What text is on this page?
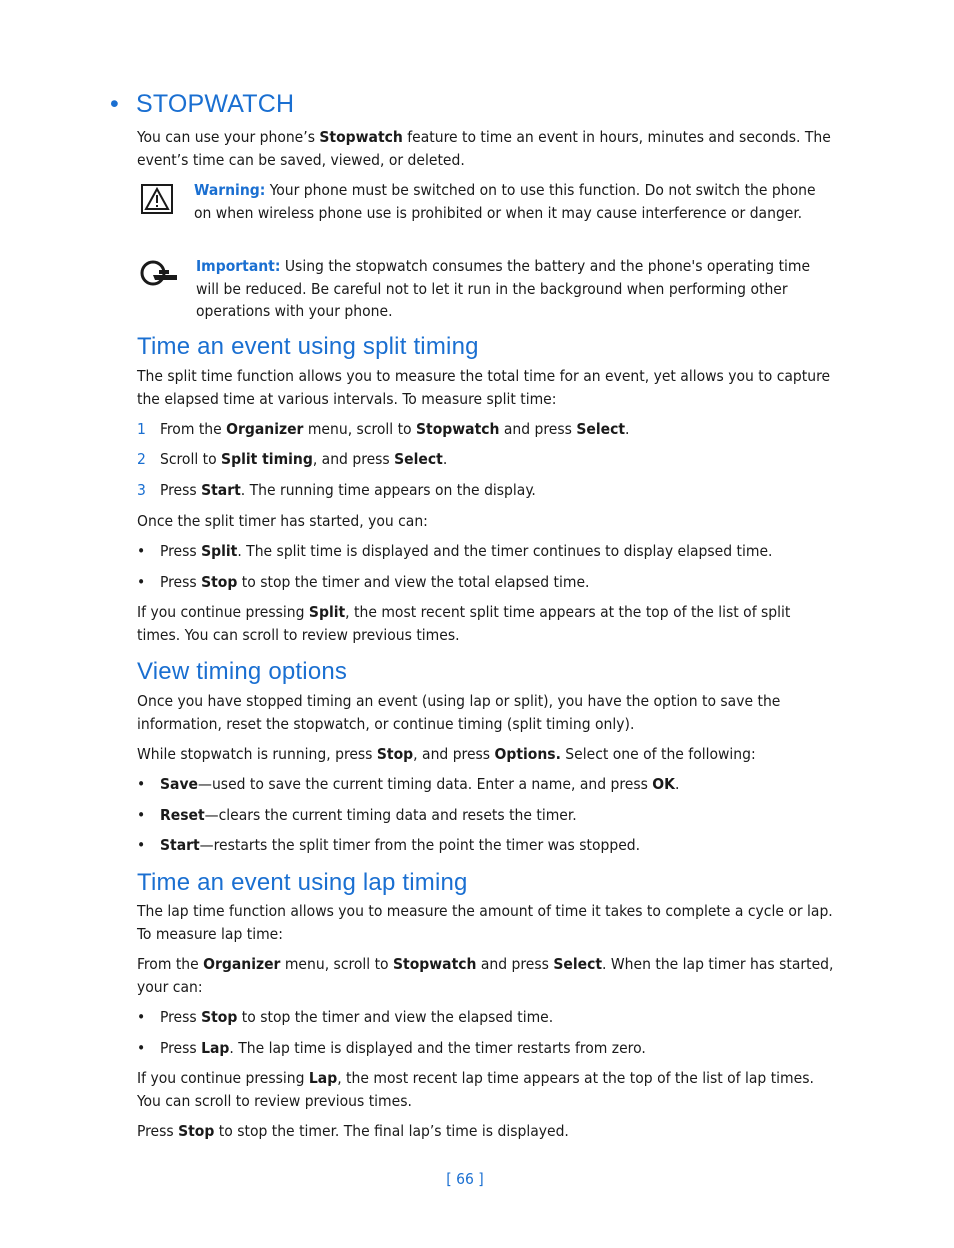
• STOPWATCH

You can use your phone’s Stopwatch feature to time an event in hours, minutes and seconds. The event’s time can be saved, viewed, or deleted.

Warning: Your phone must be switched on to use this function. Do not switch the phone on when wireless phone use is prohibited or when it may cause interference or danger.
Important: Using the stopwatch consumes the battery and the phone's operating time will be reduced. Be careful not to let it run in the background when performing other operations with your phone.
Time an event using split timing

The split time function allows you to measure the total time for an event, yet allows you to capture the elapsed time at various intervals. To measure split time:

1 From the Organizer menu, scroll to Stopwatch and press Select.
2 Scroll to Split timing, and press Select.
3 Press Start. The running time appears on the display.

Once the split timer has started, you can:

• Press Split. The split time is displayed and the timer continues to display elapsed time.
• Press Stop to stop the timer and view the total elapsed time.

If you continue pressing Split, the most recent split time appears at the top of the list of split times. You can scroll to review previous times.

View timing options

Once you have stopped timing an event (using lap or split), you have the option to save the information, reset the stopwatch, or continue timing (split timing only).

While stopwatch is running, press Stop, and press Options. Select one of the following:

• Save—used to save the current timing data. Enter a name, and press OK.
• Reset—clears the current timing data and resets the timer.
• Start—restarts the split timer from the point the timer was stopped.
Time an event using lap timing

The lap time function allows you to measure the amount of time it takes to complete a cycle or lap. To measure lap time:

From the Organizer menu, scroll to Stopwatch and press Select. When the lap timer has started, your can:

• Press Stop to stop the timer and view the elapsed time.
• Press Lap. The lap time is displayed and the timer restarts from zero.

If you continue pressing Lap, the most recent lap time appears at the top of the list of lap times. You can scroll to review previous times.

Press Stop to stop the timer. The final lap’s time is displayed.

[ 66 ]
